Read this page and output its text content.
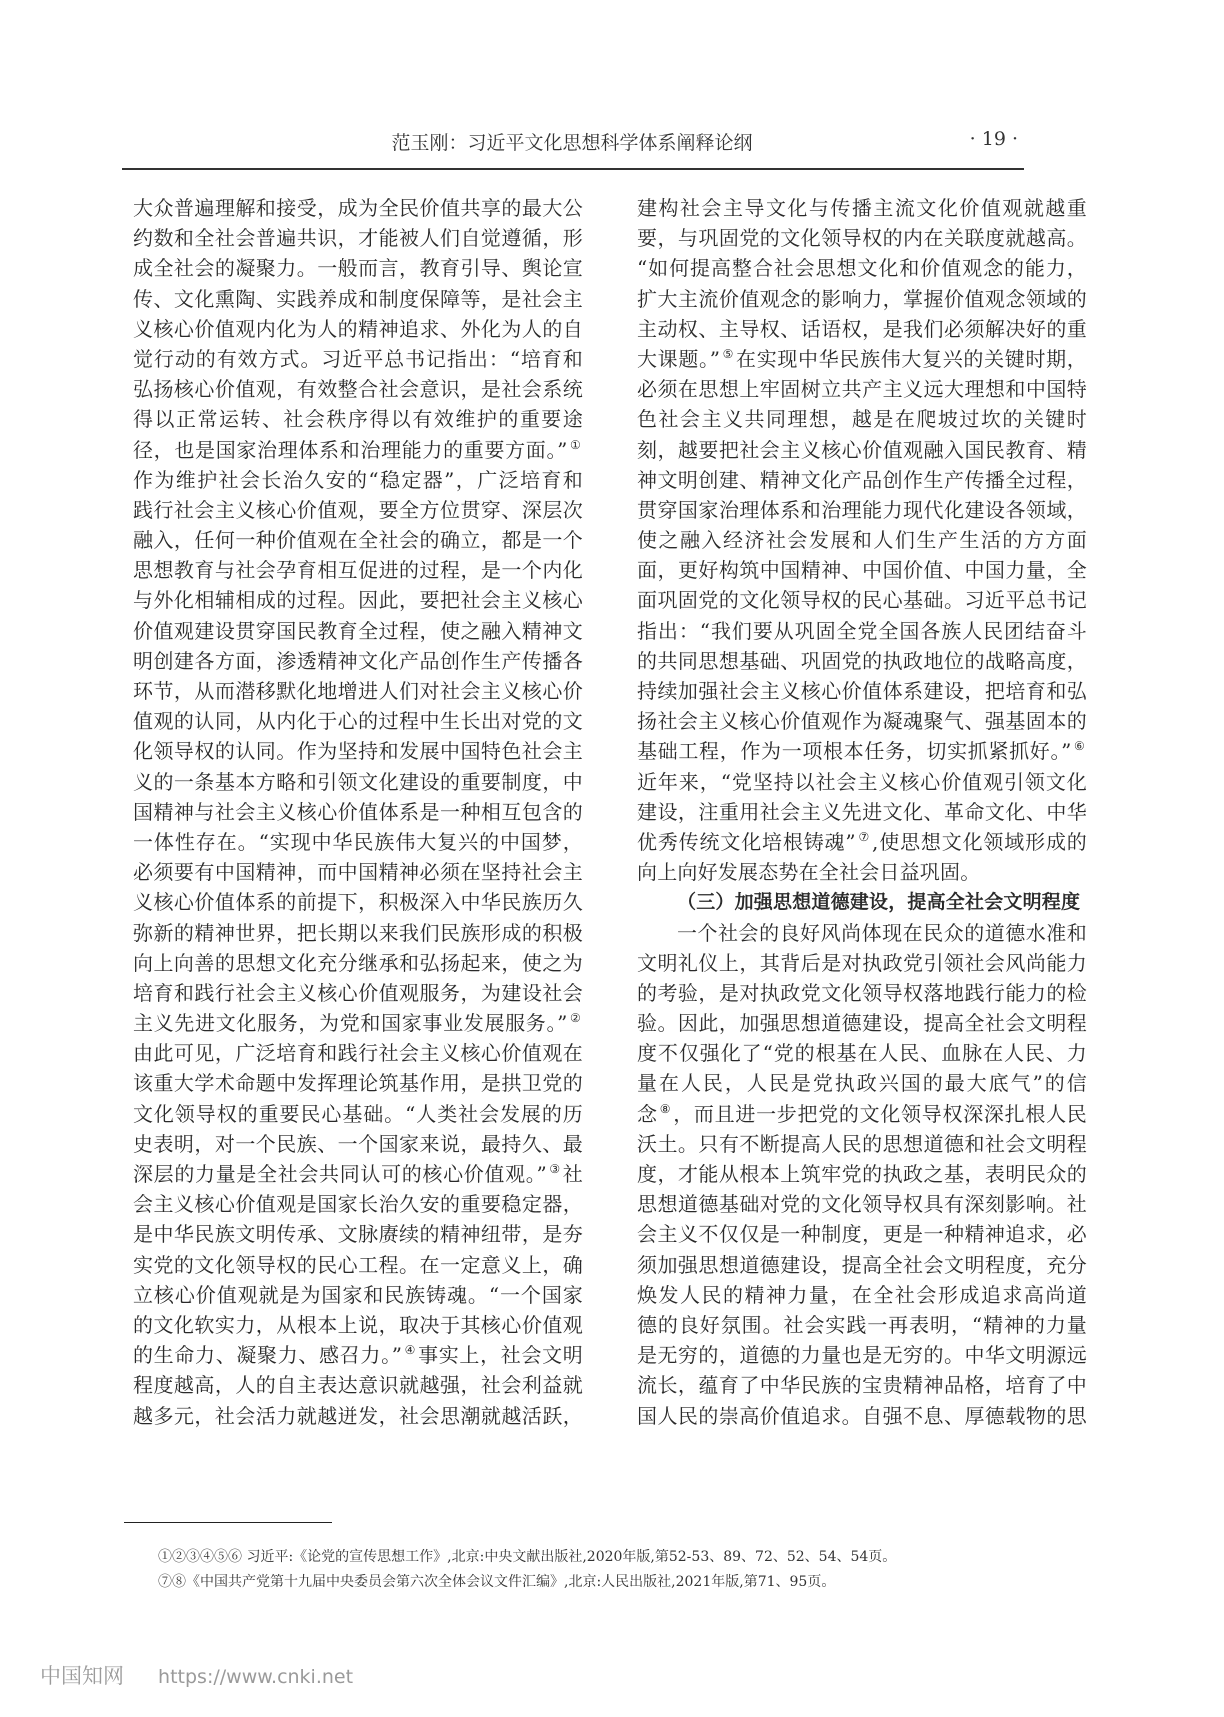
范玉刚：习近平文化思想科学体系阐释论纲	· 19 ·
大众普遍理解和接受，成为全民价值共享的最大公
约数和全社会普遍共识，才能被人们自觉遵循，形
成全社会的凝聚力。一般而言，教育引导、舆论宣
传、文化熏陶、实践养成和制度保障等，是社会主
义核心价值观内化为人的精神追求、外化为人的自
觉行动的有效方式。习近平总书记指出：“培育和
弘扬核心价值观，有效整合社会意识，是社会系统
得以正常运转、社会秩序得以有效维护的重要途
径，也是国家治理体系和治理能力的重要方面。” ①
作为维护社会长治久安的“稳定器”，广泛培育和
践行社会主义核心价值观，要全方位贯穿、深层次
融入，任何一种价值观在全社会的确立，都是一个
思想教育与社会孕育相互促进的过程，是一个内化
与外化相辅相成的过程。因此，要把社会主义核心
价值观建设贯穿国民教育全过程，使之融入精神文
明创建各方面，渗透精神文化产品创作生产传播各
环节，从而潜移默化地增进人们对社会主义核心价
值观的认同，从内化于心的过程中生长出对党的文
化领导权的认同。作为坚持和发展中国特色社会主
义的一条基本方略和引领文化建设的重要制度，中
国精神与社会主义核心价值体系是一种相互包含的
一体性存在。“实现中华民族伟大复兴的中国梦，
必须要有中国精神，而中国精神必须在坚持社会主
义核心价值体系的前提下，积极深入中华民族历久
弥新的精神世界，把长期以来我们民族形成的积极
向上向善的思想文化充分继承和弘扬起来，使之为
培育和践行社会主义核心价值观服务，为建设社会
主义先进文化服务，为党和国家事业发展服务。” ②
由此可见，广泛培育和践行社会主义核心价值观在
该重大学术命题中发挥理论筑基作用，是拱卫党的
文化领导权的重要民心基础。“人类社会发展的历
史表明，对一个民族、一个国家来说，最持久、最
深层的力量是全社会共同认可的核心价值观。” ③ 社
会主义核心价值观是国家长治久安的重要稳定器，
是中华民族文明传承、文脉赓续的精神纽带，是夯
实党的文化领导权的民心工程。在一定意义上，确
立核心价值观就是为国家和民族铸魂。“一个国家
的文化软实力，从根本上说，取决于其核心价值观
的生命力、凝聚力、感召力。” ④ 事实上，社会文明
程度越高，人的自主表达意识就越强，社会利益就
越多元，社会活力就越迸发，社会思潮就越活跃，
建构社会主导文化与传播主流文化价值观就越重
要，与巩固党的文化领导权的内在关联度就越高。
“如何提高整合社会思想文化和价值观念的能力，
扩大主流价值观念的影响力，掌握价值观念领域的
主动权、主导权、话语权，是我们必须解决好的重
大课题。” ⑤ 在实现中华民族伟大复兴的关键时期，
必须在思想上牢固树立共产主义远大理想和中国特
色社会主义共同理想，越是在爬坡过坎的关键时
刻，越要把社会主义核心价值观融入国民教育、精
神文明创建、精神文化产品创作生产传播全过程，
贯穿国家治理体系和治理能力现代化建设各领域，
使之融入经济社会发展和人们生产生活的方方面
面，更好构筑中国精神、中国价值、中国力量，全
面巩固党的文化领导权的民心基础。习近平总书记
指出：“我们要从巩固全党全国各族人民团结奋斗
的共同思想基础、巩固党的执政地位的战略高度，
持续加强社会主义核心价值体系建设，把培育和弘
扬社会主义核心价值观作为凝魂聚气、强基固本的
基础工程，作为一项根本任务，切实抓紧抓好。” ⑥
近年来，“党坚持以社会主义核心价值观引领文化
建设，注重用社会主义先进文化、革命文化、中华
优秀传统文化培根铸魂” ⑦ ,使思想文化领域形成的
向上向好发展态势在全社会日益巩固。
（三）加强思想道德建设，提高全社会文明程度
一个社会的良好风尚体现在民众的道德水准和
文明礼仪上，其背后是对执政党引领社会风尚能力
的考验，是对执政党文化领导权落地践行能力的检
验。因此，加强思想道德建设，提高全社会文明程
度不仅强化了“党的根基在人民、血脉在人民、力
量在人民，人民是党执政兴国的最大底气”的信
念 ⑧ ，而且进一步把党的文化领导权深深扎根人民
沃土。只有不断提高人民的思想道德和社会文明程
度，才能从根本上筑牢党的执政之基，表明民众的
思想道德基础对党的文化领导权具有深刻影响。社
会主义不仅仅是一种制度，更是一种精神追求，必
须加强思想道德建设，提高全社会文明程度，充分
焕发人民的精神力量，在全社会形成追求高尚道
德的良好氛围。社会实践一再表明，“精神的力量
是无穷的，道德的力量也是无穷的。中华文明源远
流长，蕴育了中华民族的宝贵精神品格，培育了中
国人民的崇高价值追求。自强不息、厚德载物的思
①②③④⑤⑥ 习近平:《论党的宣传思想工作》,北京:中央文献出版社,2020年版,第52-53、89、72、52、54、54页。
⑦⑧《中国共产党第十九届中央委员会第六次全体会议文件汇编》,北京:人民出版社,2021年版,第71、95页。
中国知网 https://www.cnki.net
